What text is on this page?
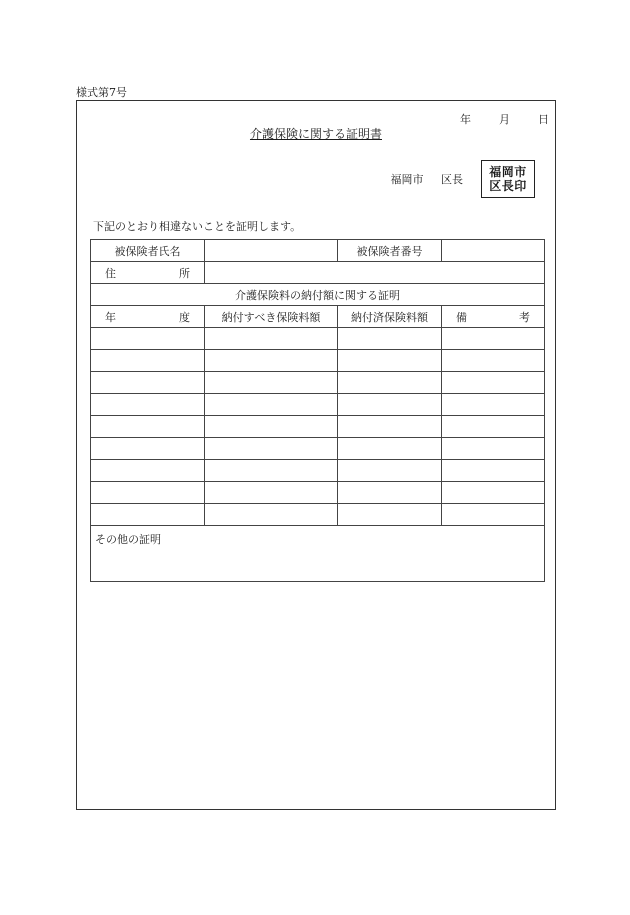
様式第7号
年	月	日
介護保険に関する証明書
福岡市 区長
福岡市
区長印
下記のとおり相違ないことを証明します。
被保険者氏名		被保険者番号	
住　　所			
介護保険料の納付額に関する証明			
年　　度	納付すべき保険料額	納付済保険料額	備　　考

その他の証明			
